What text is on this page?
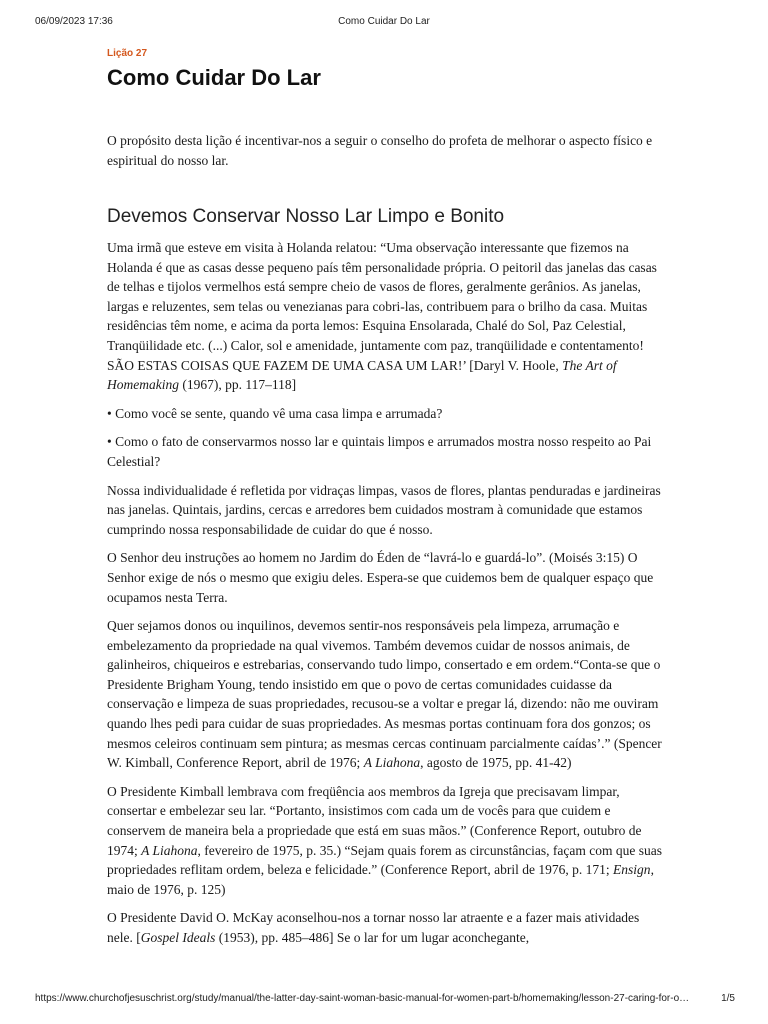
06/09/2023 17:36	Como Cuidar Do Lar
Lição 27
Como Cuidar Do Lar

O propósito desta lição é incentivar-nos a seguir o conselho do profeta de melhorar o aspecto físico e espiritual do nosso lar.

Devemos Conservar Nosso Lar Limpo e Bonito

Uma irmã que esteve em visita à Holanda relatou: “Uma observação interessante que fizemos na Holanda é que as casas desse pequeno país têm personalidade própria. O peitoril das janelas das casas de telhas e tijolos vermelhos está sempre cheio de vasos de flores, geralmente gerânios. As janelas, largas e reluzentes, sem telas ou venezianas para cobri-las, contribuem para o brilho da casa. Muitas residências têm nome, e acima da porta lemos: Esquina Ensolarada, Chalé do Sol, Paz Celestial, Tranqüilidade etc. (...) Calor, sol e amenidade, juntamente com paz, tranqüilidade e contentamento! SÃO ESTAS COISAS QUE FAZEM DE UMA CASA UM LAR!’ [Daryl V. Hoole, The Art of Homemaking (1967), pp. 117–118]

• Como você se sente, quando vê uma casa limpa e arrumada?

• Como o fato de conservarmos nosso lar e quintais limpos e arrumados mostra nosso respeito ao Pai Celestial?

Nossa individualidade é refletida por vidraças limpas, vasos de flores, plantas penduradas e jardineiras nas janelas. Quintais, jardins, cercas e arredores bem cuidados mostram à comunidade que estamos cumprindo nossa responsabilidade de cuidar do que é nosso.

O Senhor deu instruções ao homem no Jardim do Éden de “lavrá-lo e guardá-lo”. (Moisés 3:15) O Senhor exige de nós o mesmo que exigiu deles. Espera-se que cuidemos bem de qualquer espaço que ocupamos nesta Terra.

Quer sejamos donos ou inquilinos, devemos sentir-nos responsáveis pela limpeza, arrumação e embelezamento da propriedade na qual vivemos. Também devemos cuidar de nossos animais, de galinheiros, chiqueiros e estrebarias, conservando tudo limpo, consertado e em ordem.“Conta-se que o Presidente Brigham Young, tendo insistido em que o povo de certas comunidades cuidasse da conservação e limpeza de suas propriedades, recusou-se a voltar e pregar lá, dizendo: não me ouviram quando lhes pedi para cuidar de suas propriedades. As mesmas portas continuam fora dos gonzos; os mesmos celeiros continuam sem pintura; as mesmas cercas continuam parcialmente caídas’.” (Spencer W. Kimball, Conference Report, abril de 1976; A Liahona, agosto de 1975, pp. 41-42)

O Presidente Kimball lembrava com freqüência aos membros da Igreja que precisavam limpar, consertar e embelezar seu lar. “Portanto, insistimos com cada um de vocês para que cuidem e conservem de maneira bela a propriedade que está em suas mãos.” (Conference Report, outubro de 1974; A Liahona, fevereiro de 1975, p. 35.) “Sejam quais forem as circunstâncias, façam com que suas propriedades reflitam ordem, beleza e felicidade.” (Conference Report, abril de 1976, p. 171; Ensign, maio de 1976, p. 125)

O Presidente David O. McKay aconselhou-nos a tornar nosso lar atraente e a fazer mais atividades nele. [Gospel Ideals (1953), pp. 485–486] Se o lar for um lugar aconchegante,

https://www.churchofjesuschrist.org/study/manual/the-latter-day-saint-woman-basic-manual-for-women-part-b/homemaking/lesson-27-caring-for-o…	1/5
